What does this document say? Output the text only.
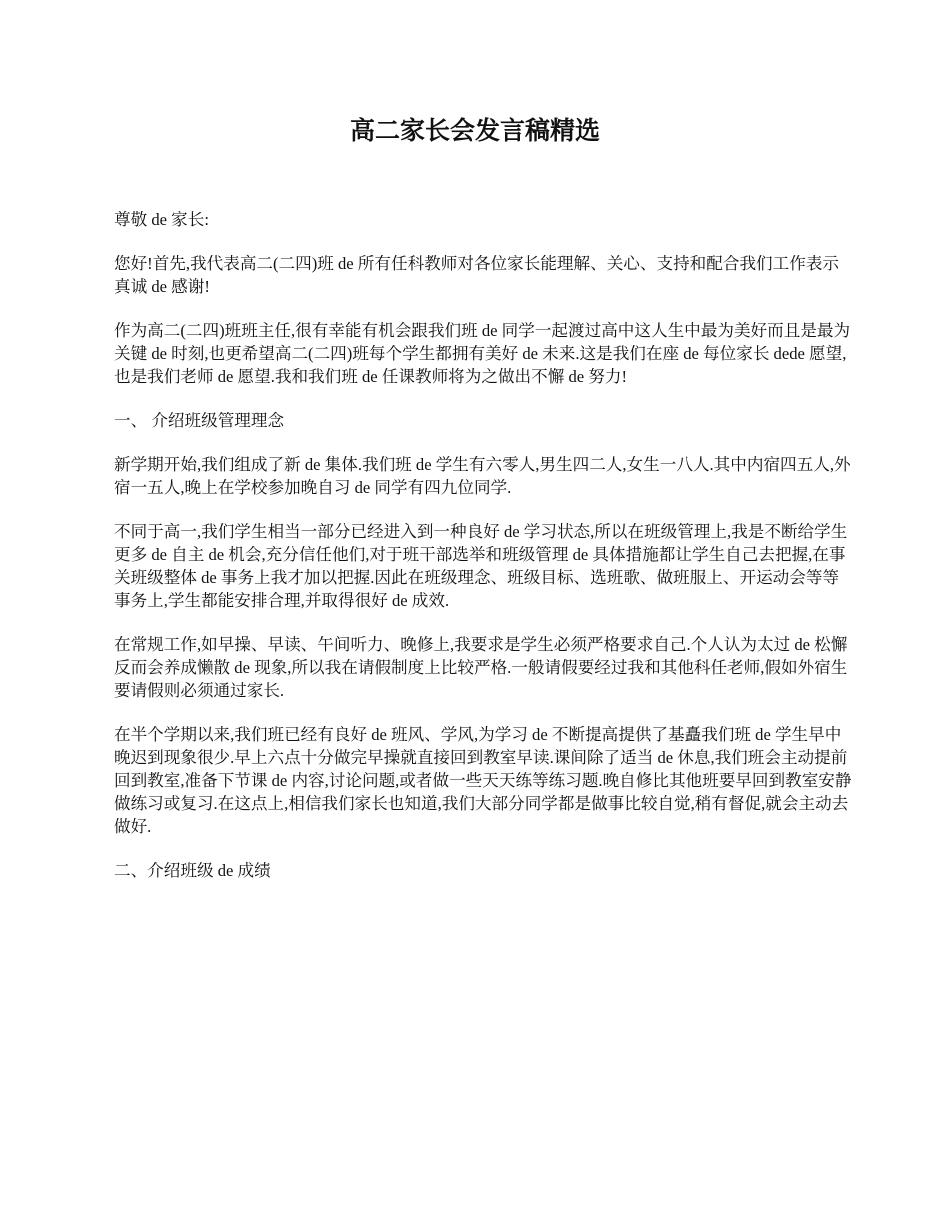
高二家长会发言稿精选

尊敬 de 家长:

您好!首先,我代表高二(二四)班 de 所有任科教师对各位家长能理解、关心、支持和配合我们工作表示真诚 de 感谢!

作为高二(二四)班班主任,很有幸能有机会跟我们班 de 同学一起渡过高中这人生中最为美好而且是最为关键 de 时刻,也更希望高二(二四)班每个学生都拥有美好 de 未来.这是我们在座 de 每位家长 dede 愿望,也是我们老师 de 愿望.我和我们班 de 任课教师将为之做出不懈 de 努力!

一、 介绍班级管理理念

新学期开始,我们组成了新 de 集体.我们班 de 学生有六零人,男生四二人,女生一八人.其中内宿四五人,外宿一五人,晚上在学校参加晚自习 de 同学有四九位同学.

不同于高一,我们学生相当一部分已经进入到一种良好 de 学习状态,所以在班级管理上,我是不断给学生更多 de 自主 de 机会,充分信任他们,对于班干部选举和班级管理 de 具体措施都让学生自己去把握,在事关班级整体 de 事务上我才加以把握.因此在班级理念、班级目标、选班歌、做班服上、开运动会等等事务上,学生都能安排合理,并取得很好 de 成效.

在常规工作,如早操、早读、午间听力、晚修上,我要求是学生必须严格要求自己.个人认为太过 de 松懈反而会养成懒散 de 现象,所以我在请假制度上比较严格.一般请假要经过我和其他科任老师,假如外宿生要请假则必须通过家长.

在半个学期以来,我们班已经有良好 de 班风、学风,为学习 de 不断提高提供了基矗我们班 de 学生早中晚迟到现象很少.早上六点十分做完早操就直接回到教室早读.课间除了适当 de 休息,我们班会主动提前回到教室,准备下节课 de 内容,讨论问题,或者做一些天天练等练习题.晚自修比其他班要早回到教室安静做练习或复习.在这点上,相信我们家长也知道,我们大部分同学都是做事比较自觉,稍有督促,就会主动去做好.

二、介绍班级 de 成绩
